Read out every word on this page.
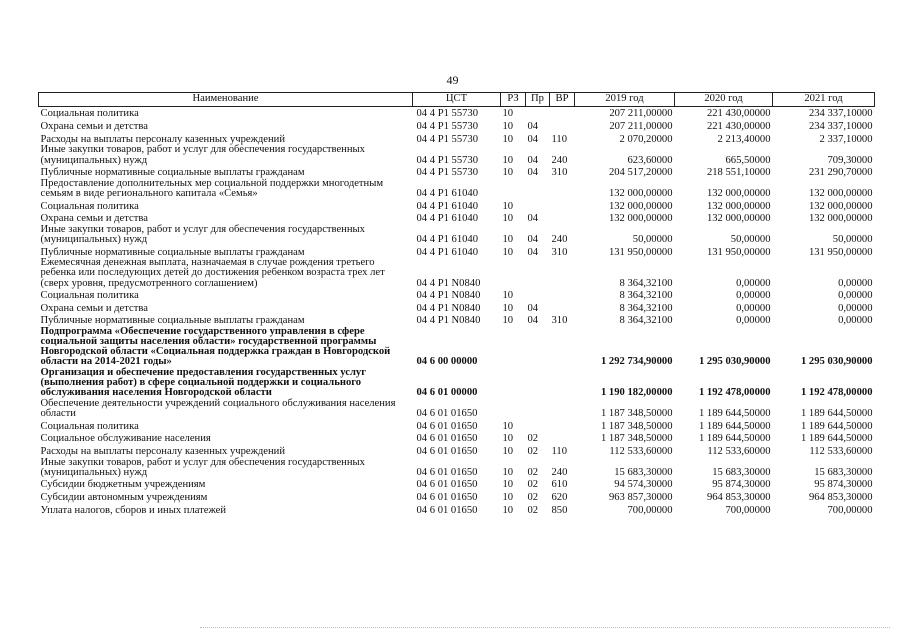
49
Наименование	ЦСТ	РЗ	Пр	ВР	2019 год	2020 год	2021 год
Социальная политика	04 4 P1 55730	10			207 211,00000	221 430,00000	234 337,10000
Охрана семьи и детства	04 4 P1 55730	10	04		207 211,00000	221 430,00000	234 337,10000
Расходы на выплаты персоналу казенных учреждений	04 4 P1 55730	10	04	110	2 070,20000	2 213,40000	2 337,10000
Иные закупки товаров, работ и услуг для обеспечения государственных (муниципальных) нужд	04 4 P1 55730	10	04	240	623,60000	665,50000	709,30000
Публичные нормативные социальные выплаты гражданам	04 4 P1 55730	10	04	310	204 517,20000	218 551,10000	231 290,70000
Предоставление дополнительных мер социальной поддержки многодетным семьям в виде регионального капитала «Семья»	04 4 P1 61040				132 000,00000	132 000,00000	132 000,00000
Социальная политика	04 4 P1 61040	10			132 000,00000	132 000,00000	132 000,00000
Охрана семьи и детства	04 4 P1 61040	10	04		132 000,00000	132 000,00000	132 000,00000
Иные закупки товаров, работ и услуг для обеспечения государственных (муниципальных) нужд	04 4 P1 61040	10	04	240	50,00000	50,00000	50,00000
Публичные нормативные социальные выплаты гражданам	04 4 P1 61040	10	04	310	131 950,00000	131 950,00000	131 950,00000
Ежемесячная денежная выплата, назначаемая в случае рождения третьего ребенка или последующих детей до достижения ребенком возраста трех лет (сверх уровня, предусмотренного соглашением)	04 4 P1 N0840				8 364,32100	0,00000	0,00000
Социальная политика	04 4 P1 N0840	10			8 364,32100	0,00000	0,00000
Охрана семьи и детства	04 4 P1 N0840	10	04		8 364,32100	0,00000	0,00000
Публичные нормативные социальные выплаты гражданам	04 4 P1 N0840	10	04	310	8 364,32100	0,00000	0,00000
Подпрограмма «Обеспечение государственного управления в сфере социальной защиты населения области» государственной программы Новгородской области «Социальная поддержка граждан в Новгородской области на 2014-2021 годы»	04 6 00 00000				1 292 734,90000	1 295 030,90000	1 295 030,90000
Организация и обеспечение предоставления государственных услуг (выполнения работ) в сфере социальной поддержки и социального обслуживания населения Новгородской области	04 6 01 00000				1 190 182,00000	1 192 478,00000	1 192 478,00000
Обеспечение деятельности учреждений социального обслуживания населения области	04 6 01 01650				1 187 348,50000	1 189 644,50000	1 189 644,50000
Социальная политика	04 6 01 01650	10			1 187 348,50000	1 189 644,50000	1 189 644,50000
Социальное обслуживание населения	04 6 01 01650	10	02		1 187 348,50000	1 189 644,50000	1 189 644,50000
Расходы на выплаты персоналу казенных учреждений	04 6 01 01650	10	02	110	112 533,60000	112 533,60000	112 533,60000
Иные закупки товаров, работ и услуг для обеспечения государственных (муниципальных) нужд	04 6 01 01650	10	02	240	15 683,30000	15 683,30000	15 683,30000
Субсидии бюджетным учреждениям	04 6 01 01650	10	02	610	94 574,30000	95 874,30000	95 874,30000
Субсидии автономным учреждениям	04 6 01 01650	10	02	620	963 857,30000	964 853,30000	964 853,30000
Уплата налогов, сборов и иных платежей	04 6 01 01650	10	02	850	700,00000	700,00000	700,00000
